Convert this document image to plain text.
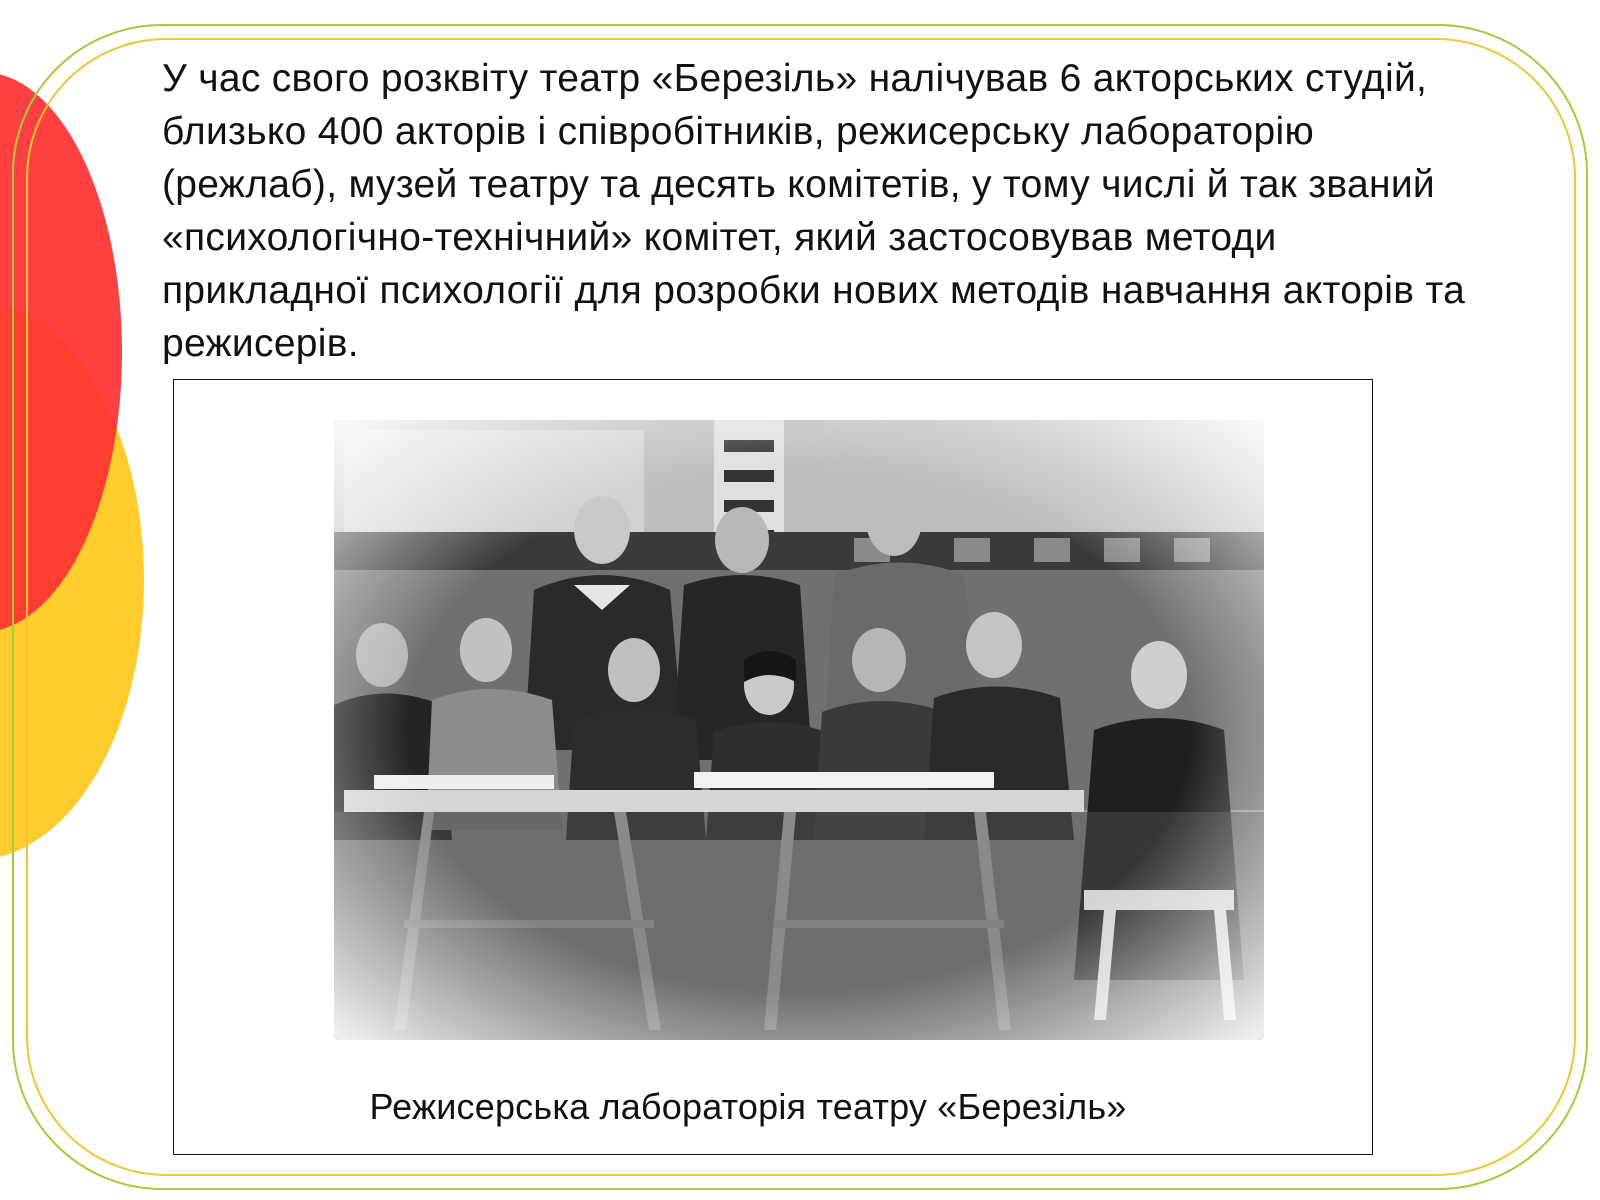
У час свого розквіту театр «Березіль» налічував 6 акторських студій, близько 400 акторів і співробітників, режисерську лабораторію (режлаб), музей театру та десять комітетів, у тому числі й так званий «психологічно-технічний» комітет, який застосовував методи прикладної психології для розробки нових методів навчання акторів та режисерів.

Режисерська лабораторія театру «Березіль»
